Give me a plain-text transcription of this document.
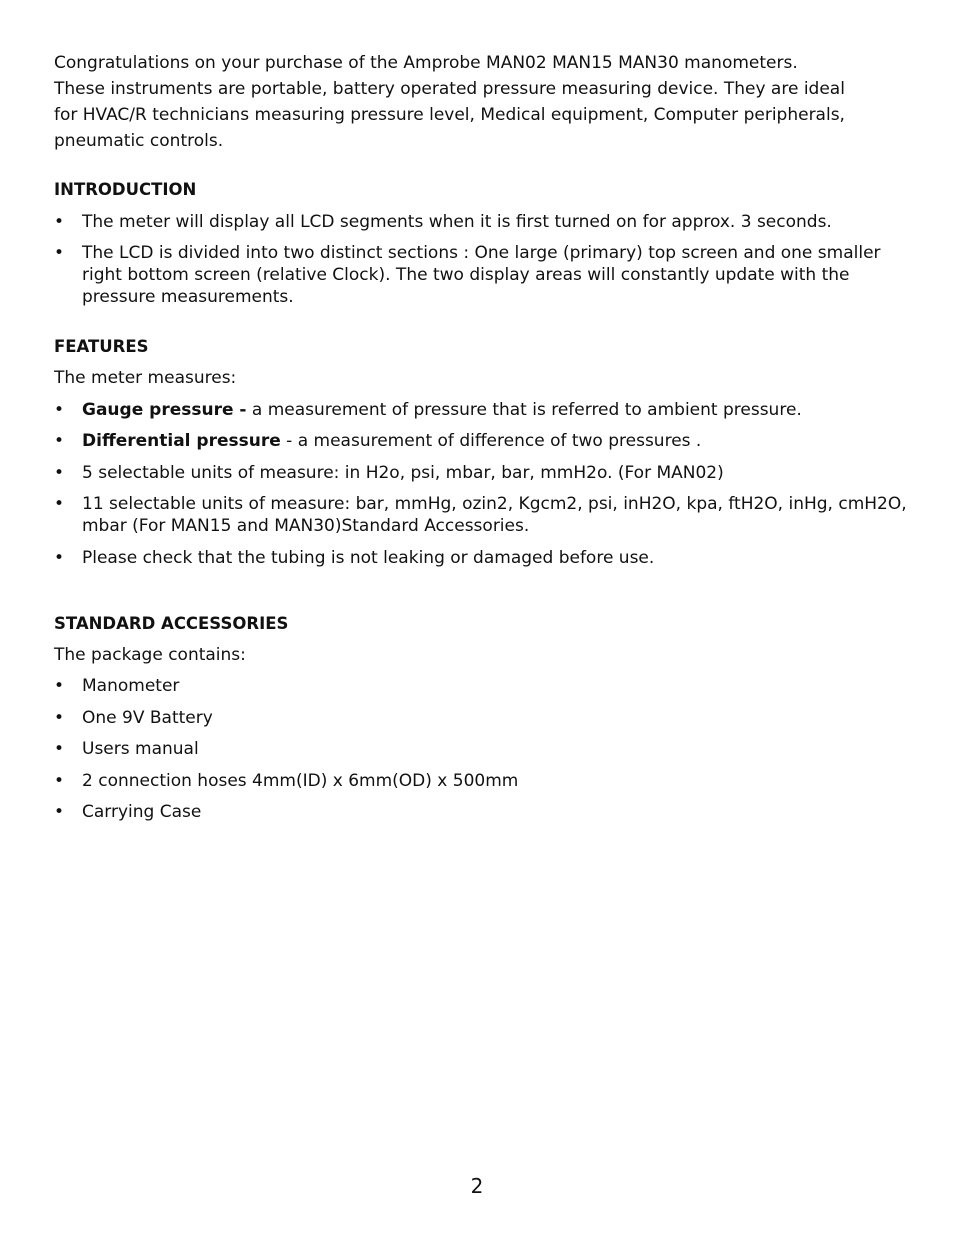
Congratulations on your purchase of the Amprobe MAN02 MAN15 MAN30 manometers.
These instruments are portable, battery operated pressure measuring device. They are ideal
for HVAC/R technicians measuring pressure level, Medical equipment, Computer peripherals,
pneumatic controls.

INTRODUCTION
• The meter will display all LCD segments when it is first turned on for approx. 3 seconds.
• The LCD is divided into two distinct sections : One large (primary) top screen and one smaller right bottom screen (relative Clock). The two display areas will constantly update with the pressure measurements.
FEATURES

The meter measures:

• Gauge pressure - a measurement of pressure that is referred to ambient pressure.
• Differential pressure - a measurement of difference of two pressures .
• 5 selectable units of measure: in H2o, psi, mbar, bar, mmH2o. (For MAN02)
• 11 selectable units of measure: bar, mmHg, ozin2, Kgcm2, psi, inH2O, kpa, ftH2O, inHg, cmH2O, mbar (For MAN15 and MAN30)Standard Accessories.
• Please check that the tubing is not leaking or damaged before use.
STANDARD ACCESSORIES

The package contains:

• Manometer
• One 9V Battery
• Users manual
• 2 connection hoses 4mm(ID) x 6mm(OD) x 500mm
• Carrying Case
2
